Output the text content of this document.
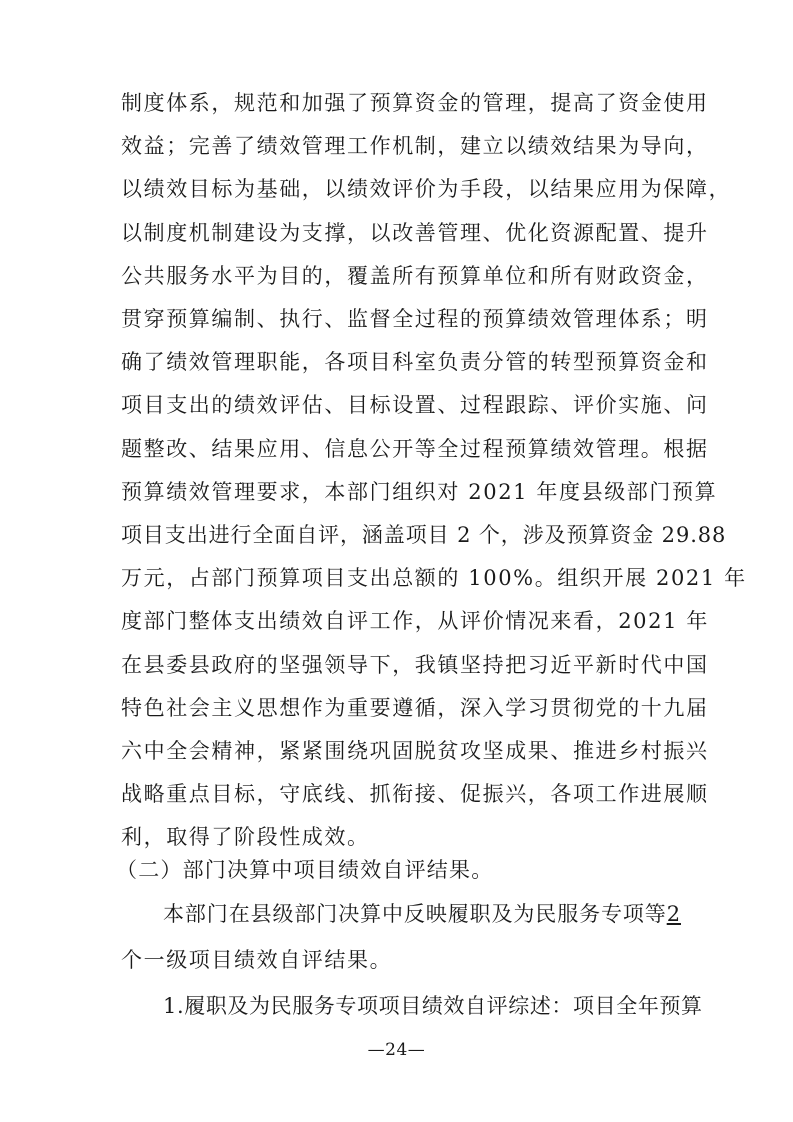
制度体系，规范和加强了预算资金的管理，提高了资金使用
效益；完善了绩效管理工作机制，建立以绩效结果为导向，
以绩效目标为基础，以绩效评价为手段，以结果应用为保障，
以制度机制建设为支撑，以改善管理、优化资源配置、提升
公共服务水平为目的，覆盖所有预算单位和所有财政资金，
贯穿预算编制、执行、监督全过程的预算绩效管理体系；明
确了绩效管理职能，各项目科室负责分管的转型预算资金和
项目支出的绩效评估、目标设置、过程跟踪、评价实施、问
题整改、结果应用、信息公开等全过程预算绩效管理。根据
预算绩效管理要求，本部门组织对 2021 年度县级部门预算
项目支出进行全面自评，涵盖项目 2 个，涉及预算资金 29.88
万元，占部门预算项目支出总额的 100%。组织开展 2021 年
度部门整体支出绩效自评工作，从评价情况来看，2021 年
在县委县政府的坚强领导下，我镇坚持把习近平新时代中国
特色社会主义思想作为重要遵循，深入学习贯彻党的十九届
六中全会精神，紧紧围绕巩固脱贫攻坚成果、推进乡村振兴
战略重点目标，守底线、抓衔接、促振兴，各项工作进展顺
利，取得了阶段性成效。
（二）部门决算中项目绩效自评结果。
本部门在县级部门决算中反映履职及为民服务专项等2
个一级项目绩效自评结果。
1.履职及为民服务专项项目绩效自评综述：项目全年预算
—24—
